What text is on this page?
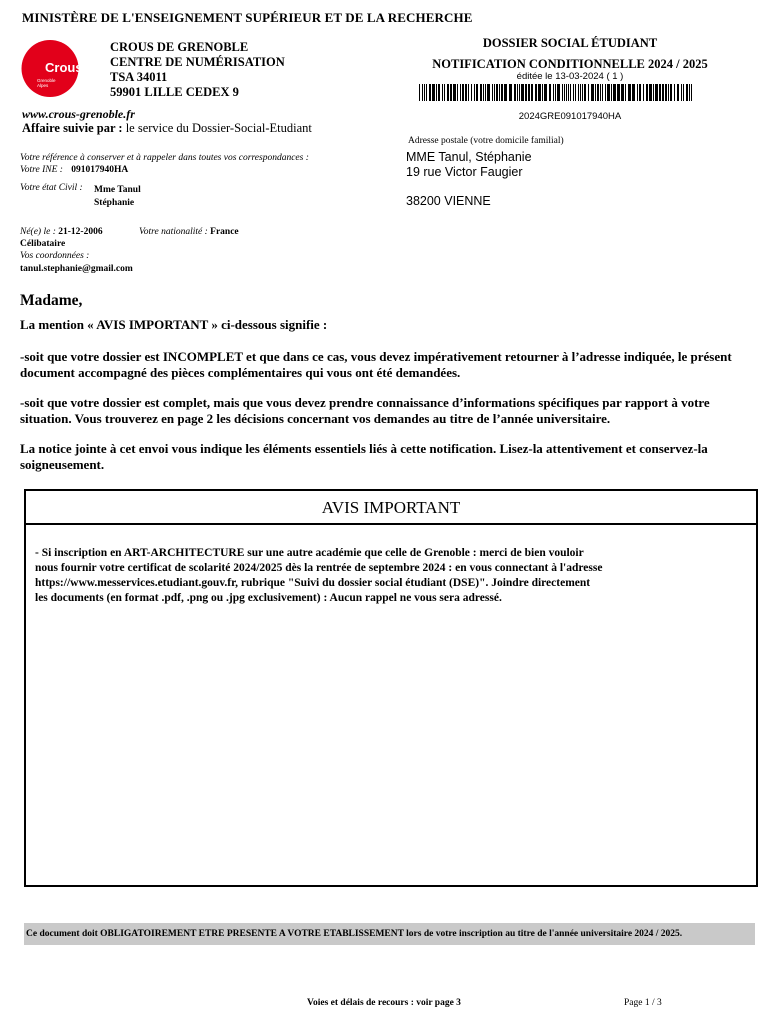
MINISTÈRE DE L'ENSEIGNEMENT SUPÉRIEUR ET DE LA RECHERCHE
Crous
Grenoble
Alpes
CROUS DE GRENOBLE
CENTRE DE NUMÉRISATION
TSA 34011
59901 LILLE CEDEX 9
DOSSIER SOCIAL ÉTUDIANT
NOTIFICATION CONDITIONNELLE 2024 / 2025
éditée le 13-03-2024 ( 1 )
2024GRE091017940HA
www.crous-grenoble.fr
Affaire suivie par : le service du Dossier-Social-Etudiant
Votre référence à conserver et à rappeler dans toutes vos correspondances :
Votre INE : 091017940HA
Votre état Civil : Mme Tanul
Stéphanie
Adresse postale (votre domicile familial)
MME Tanul, Stéphanie
19 rue Victor Faugier
38200 VIENNE
Né(e) le : 21-12-2006	Votre nationalité : France
Célibataire
Vos coordonnées :
tanul.stephanie@gmail.com
Madame,

La mention « AVIS IMPORTANT » ci-dessous signifie :

-soit que votre dossier est INCOMPLET et que dans ce cas, vous devez impérativement retourner à l’adresse indiquée, le présent document accompagné des pièces complémentaires qui vous ont été demandées.

-soit que votre dossier est complet, mais que vous devez prendre connaissance d’informations spécifiques par rapport à votre situation. Vous trouverez en page 2 les décisions concernant vos demandes au titre de l’année universitaire.

La notice jointe à cet envoi vous indique les éléments essentiels liés à cette notification. Lisez-la attentivement et conservez-la soigneusement.

AVIS IMPORTANT
- Si inscription en ART-ARCHITECTURE sur une autre académie que celle de Grenoble : merci de bien vouloir
nous fournir votre certificat de scolarité 2024/2025 dès la rentrée de septembre 2024 : en vous connectant à l'adresse
https://www.messervices.etudiant.gouv.fr, rubrique "Suivi du dossier social étudiant (DSE)". Joindre directement
les documents (en format .pdf, .png ou .jpg exclusivement) : Aucun rappel ne vous sera adressé.
Ce document doit OBLIGATOIREMENT ETRE PRESENTE A VOTRE ETABLISSEMENT lors de votre inscription au titre de l'année universitaire 2024 / 2025.
Voies et délais de recours : voir page 3	Page 1 / 3
